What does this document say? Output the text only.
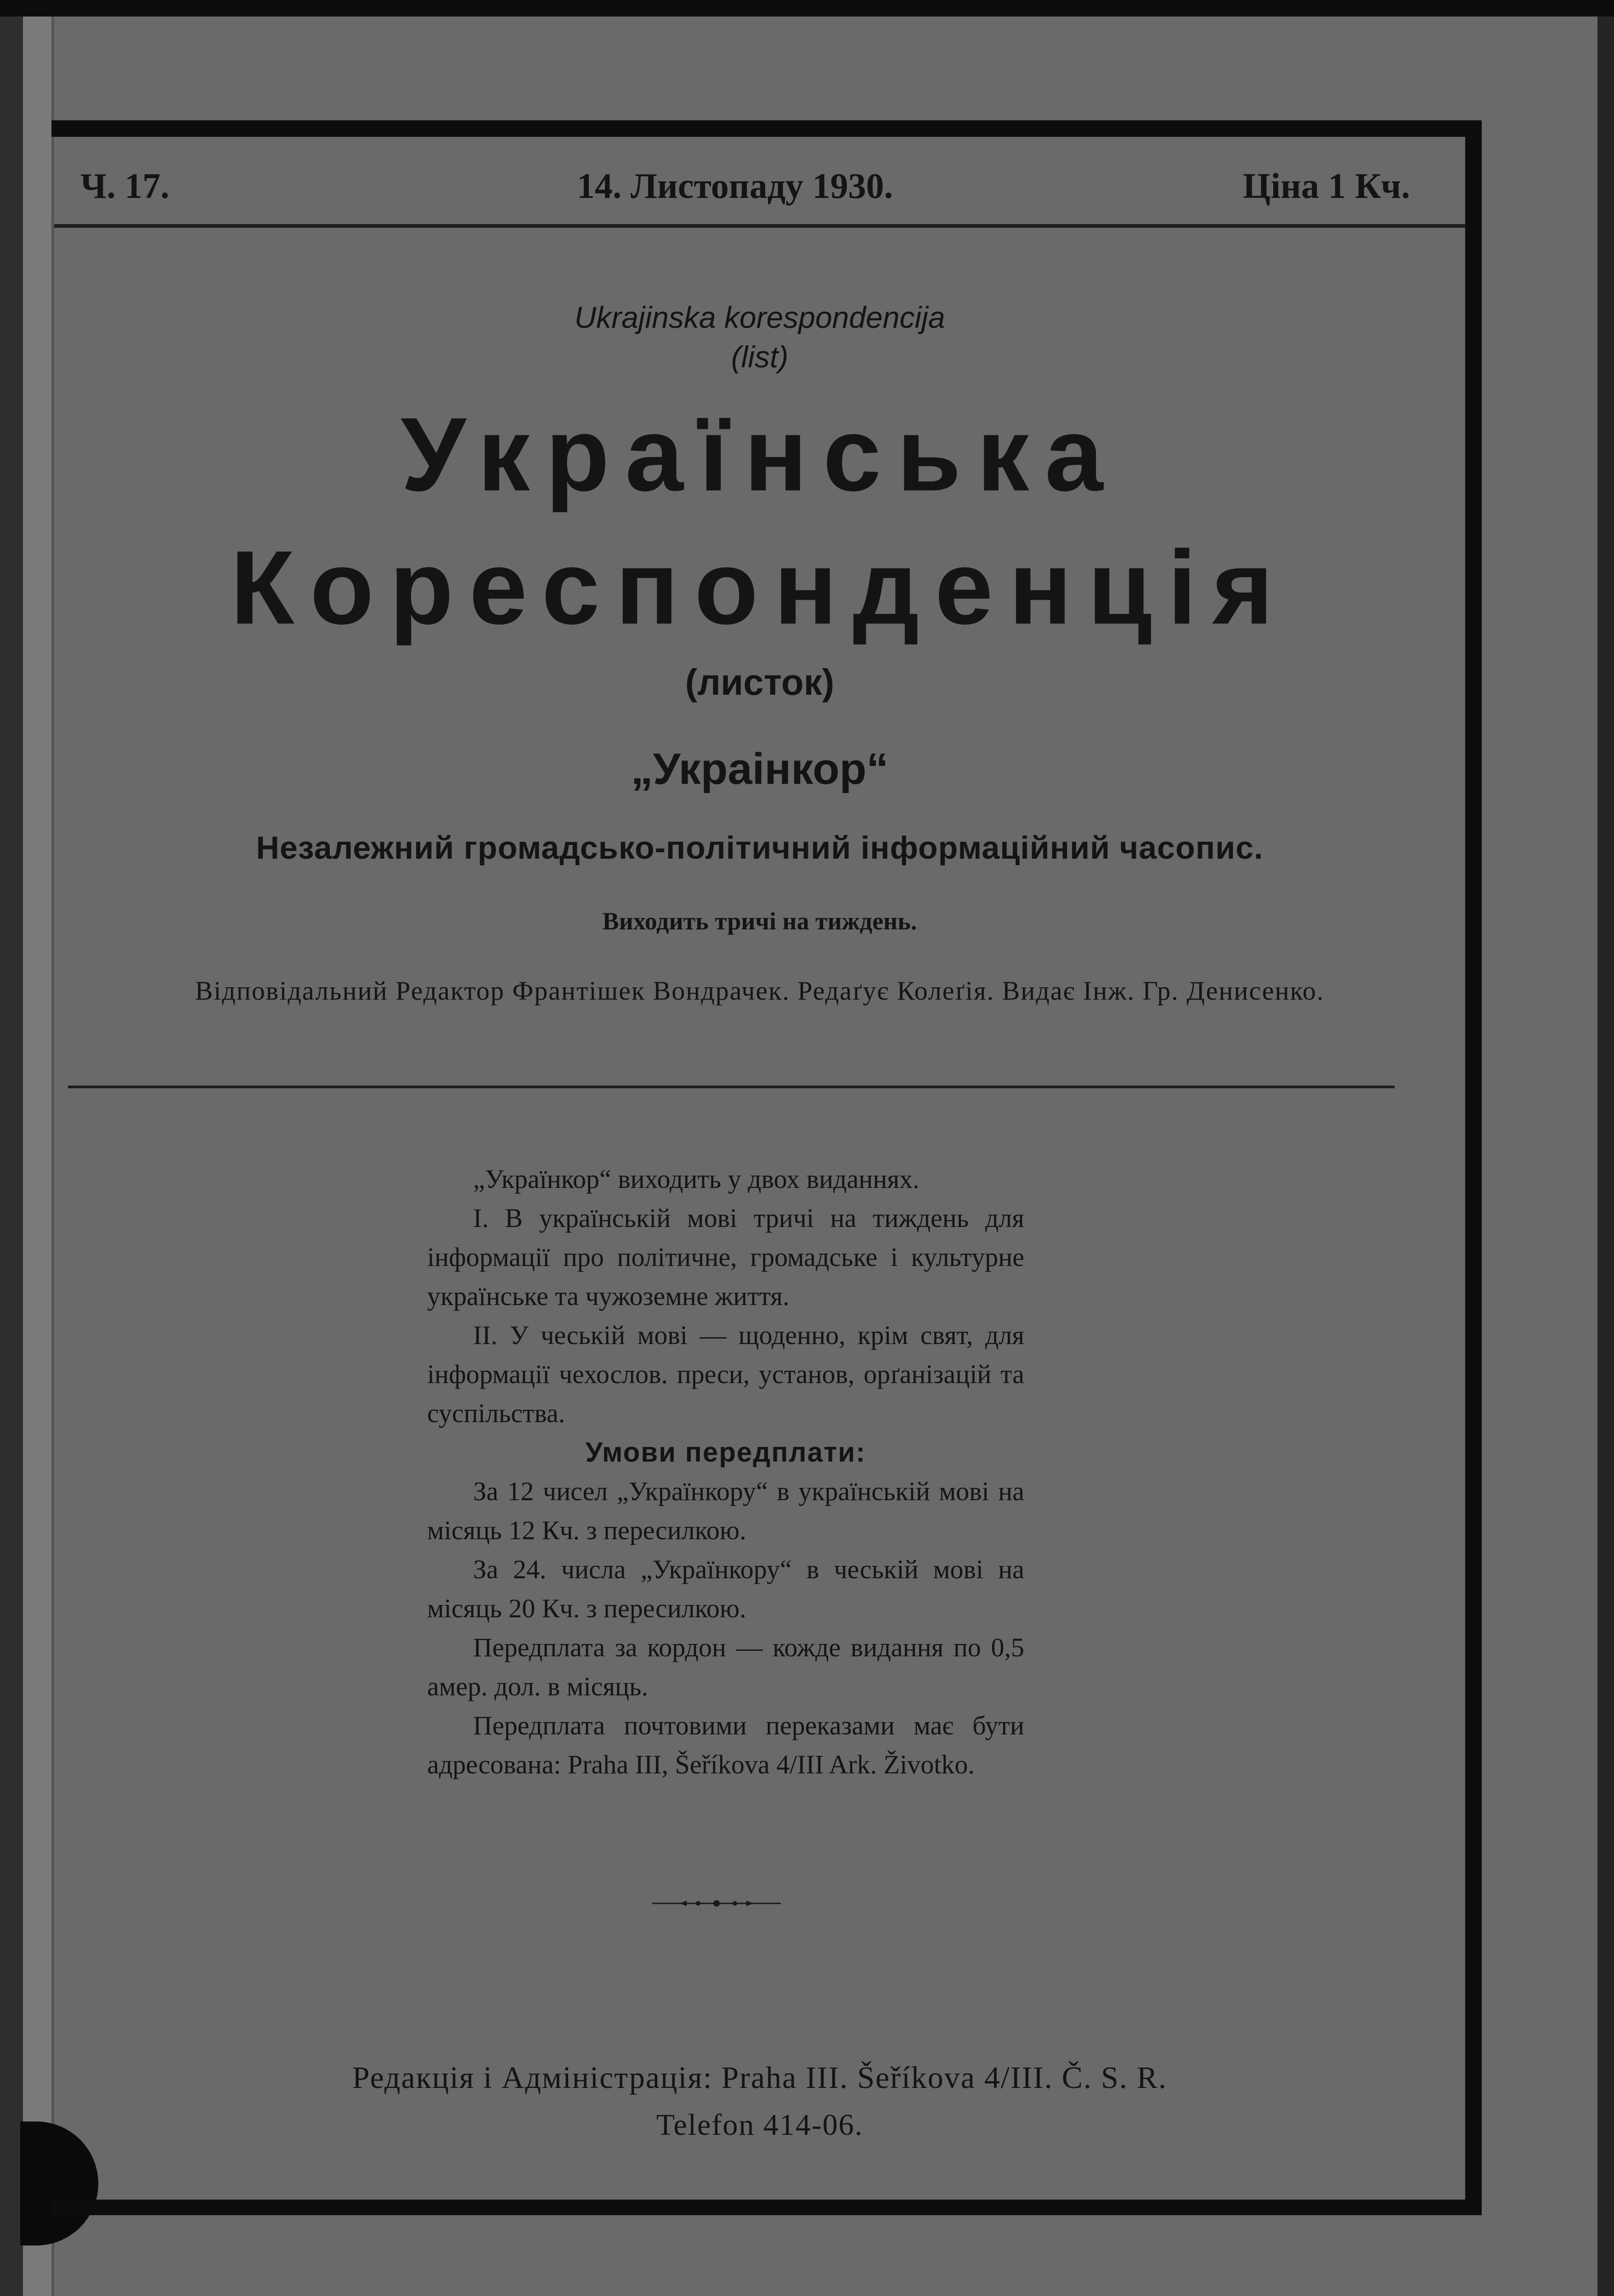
Ч. 17.	14. Листопаду 1930.	Ціна 1 Кч.
Ukrajinska korespondencija
(list)
Українська
Кореспонденція
(листок)
„Украінкор“
Незалежний громадсько-політичний інформаційний часопис.
Виходить тричі на тиждень.
Відповідальний Редактор Франтішек Вондрачек. Редаґує Колеґія. Видає Інж. Гр. Денисенко.

„Українкор“ виходить у двох виданнях.

I. В українській мові тричі на тиждень для інформації про політичне, громадське і культурне українське та чужоземне життя.

II. У чеській мові — щоденно, крім свят, для інформації чехослов. преси, установ, орґанізацій та суспільства.

Умови передплати:

За 12 чисел „Українкору“ в українській мові на місяць 12 Кч. з пересилкою.

За 24. числа „Українкору“ в чеській мові на місяць 20 Кч. з пересилкою.

Передплата за кордон — кожде видання по 0,5 амер. дол. в місяць.

Передплата почтовими переказами має бути адресована: Praha III, Šeříkova 4/III Ark. Životko.

Редакція і Адміністрація: Praha III. Šeříkova 4/III. Č. S. R.
Telefon 414-06.
